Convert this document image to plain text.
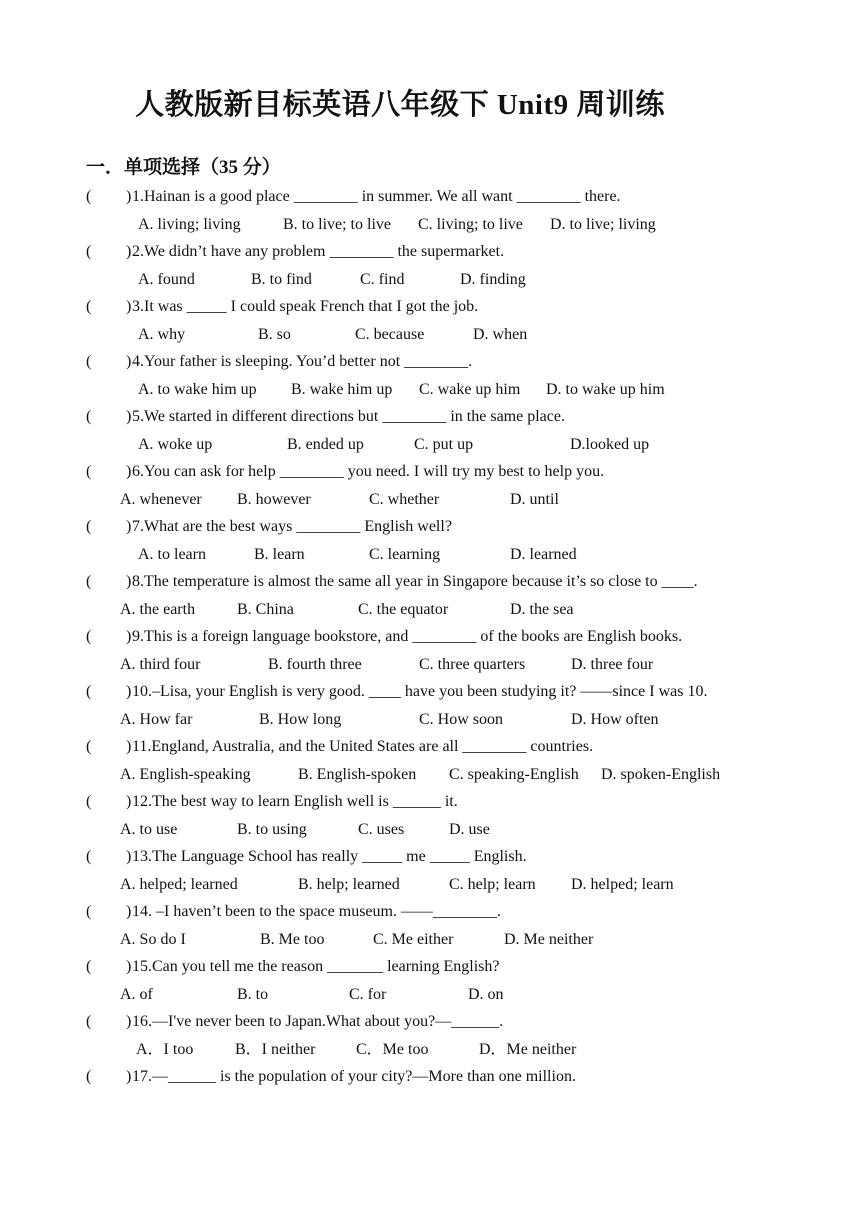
人教版新目标英语八年级下 Unit9 周训练
一．单项选择（35 分）
( ) 1.Hainan is a good place ________ in summer. We all want ________ there.
A. living; living	B. to live; to live C. living; to live D. to live; living
( ) 2.We didn’t have any problem ________ the supermarket.
A. found	B. to find	C. find	D. finding
( ) 3.It was _____ I could speak French that I got the job.
A. why	B. so	C. because	D. when
( ) 4.Your father is sleeping. You’d better not ________.
A. to wake him up B. wake him up C. wake up him D. to wake up him
( ) 5.We started in different directions but ________ in the same place.
A. woke up	B. ended up	C. put up	D.looked up
( ) 6.You can ask for help ________ you need. I will try my best to help you.
A. whenever B. however	C. whether	D. until
( ) 7.What are the best ways ________ English well?
A. to learn	B. learn	C. learning	D. learned
( ) 8.The temperature is almost the same all year in Singapore because it’s so close to ____.
A. the earth	B. China	C. the equator	D. the sea
( ) 9.This is a foreign language bookstore, and ________ of the books are English books.
A. third four	B. fourth three	C. three quarters	D. three four
( ) 10.–Lisa, your English is very good. ____ have you been studying it? ——since I was 10.
A. How far	B. How long	C. How soon	D. How often
( ) 11.England, Australia, and the United States are all ________ countries.
A. English-speaking	B. English-spoken C. speaking-English D. spoken-English
( ) 12.The best way to learn English well is ______ it.
A. to use	B. to using	C. uses	D. use
( ) 13.The Language School has really _____ me _____ English.
A. helped; learned	B. help; learned	C. help; learn D. helped; learn
( ) 14. –I haven’t been to the space museum. ——________.
A. So do I	B. Me too	C. Me either	D. Me neither
( ) 15.Can you tell me the reason _______ learning English?
A. of	B. to	C. for	D. on
( ) 16.—I've never been to Japan.What about you?—______.
A．I too	B．I neither	C．Me too	D．Me neither
( ) 17.—______ is the population of your city?—More than one million.
